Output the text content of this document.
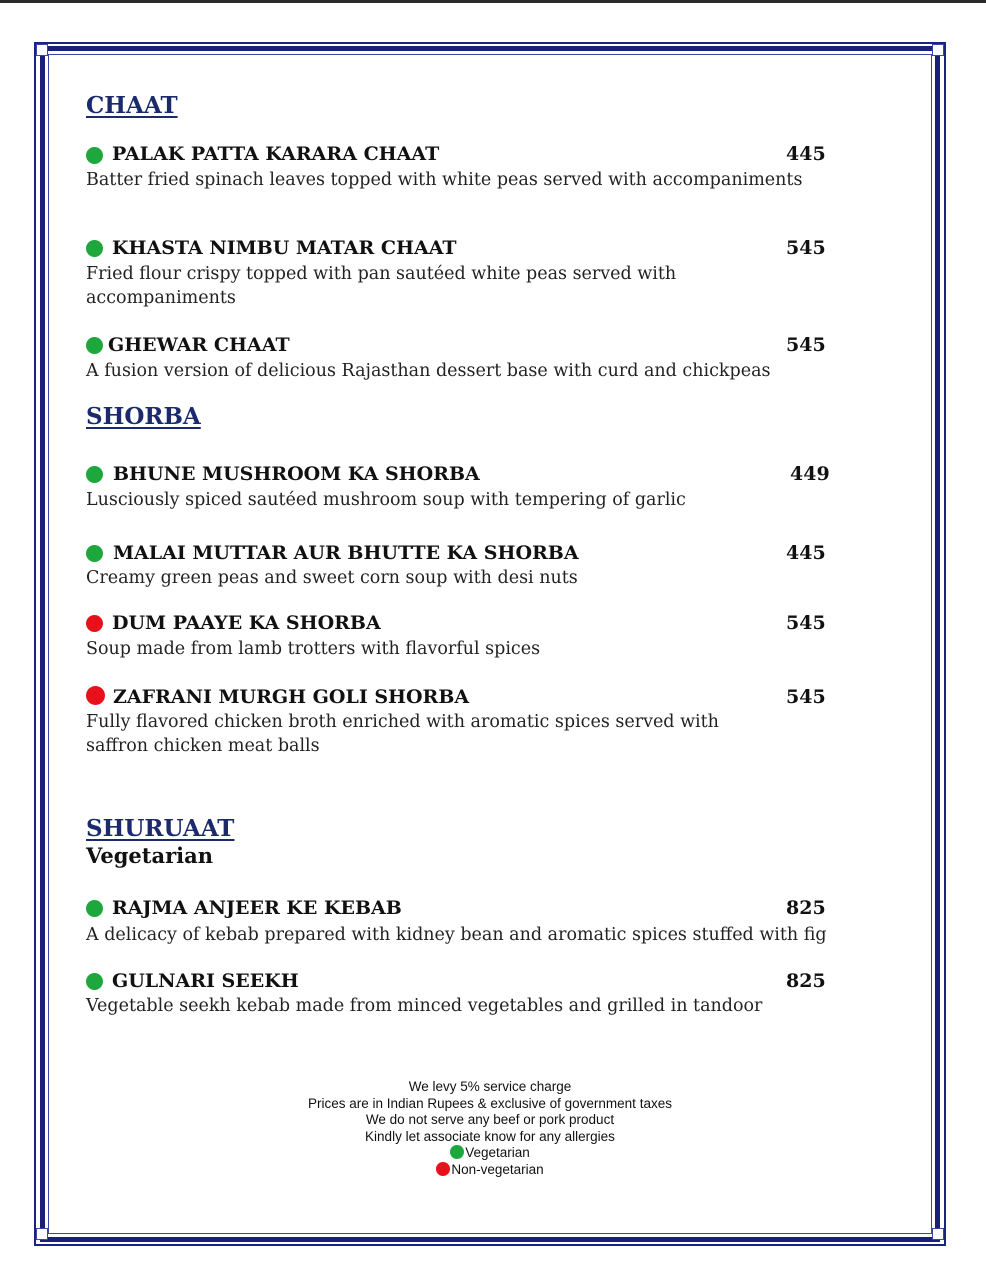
CHAAT
PALAK PATTA KARARA CHAAT	445
Batter fried spinach leaves topped with white peas served with accompaniments
KHASTA NIMBU MATAR CHAAT	545
Fried flour crispy topped with pan sautéed white peas served with accompaniments
GHEWAR CHAAT	545
A fusion version of delicious Rajasthan dessert base with curd and chickpeas
SHORBA
BHUNE MUSHROOM KA SHORBA	449
Lusciously spiced sautéed mushroom soup with tempering of garlic
MALAI MUTTAR AUR BHUTTE KA SHORBA	445
Creamy green peas and sweet corn soup with desi nuts
DUM PAAYE KA SHORBA	545
Soup made from lamb trotters with flavorful spices
ZAFRANI MURGH GOLI SHORBA	545
Fully flavored chicken broth enriched with aromatic spices served with saffron chicken meat balls
SHURUAAT
Vegetarian
RAJMA ANJEER KE KEBAB	825
A delicacy of kebab prepared with kidney bean and aromatic spices stuffed with fig
GULNARI SEEKH	825
Vegetable seekh kebab made from minced vegetables and grilled in tandoor
We levy 5% service charge
Prices are in Indian Rupees & exclusive of government taxes
We do not serve any beef or pork product
Kindly let associate know for any allergies
Vegetarian
Non-vegetarian
